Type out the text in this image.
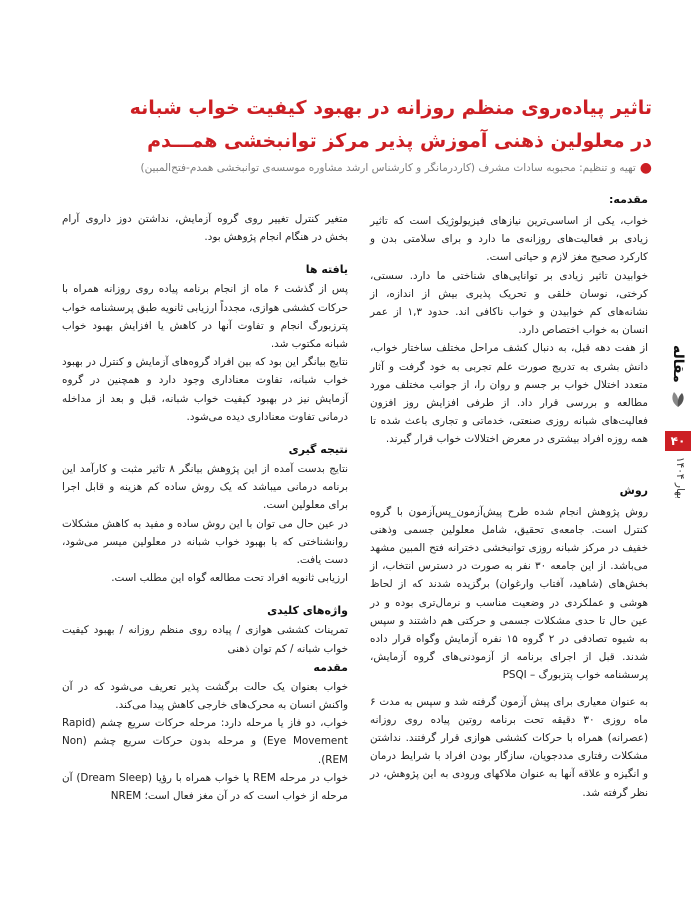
تاثیر پیاده‌روی منظم روزانه در بهبود کیفیت خواب شبانه
در معلولین ذهنی آموزش پذیر مرکز توانبخشی همـــدم
●تهیه و تنظیم: محبوبه سادات مشرف (کاردرمانگر و کارشناس ارشد مشاوره موسسه‌ی توانبخشی همدم-فتح‌المبین)
مقدمه:

خواب، یکی از اساسی‌ترین نیازهای فیزیولوژیک است که تاثیر زیادی بر فعالیت‌های روزانه‌ی ما دارد و برای سلامتی بدن و کارکرد صحیح مغز لازم و حیاتی است.

خوابیدن تاثیر زیادی بر توانایی‌های شناختی ما دارد. سستی، کرختی، نوسان خلقی و تحریک پذیری بیش از اندازه، از نشانه‌های کم خوابیدن و خواب ناکافی اند. حدود ۱,۳ از عمر انسان به خواب اختصاص دارد.

از هفت دهه قبل، به دنبال کشف مراحل مختلف ساختار خواب، دانش بشری به تدریج صورت علم تجربی به خود گرفت و آثار متعدد اختلال خواب بر جسم و روان را، از جوانب مختلف مورد مطالعه و بررسی قرار داد. از طرفی افزایش روز افزون فعالیت‌های شبانه روزی صنعتی، خدماتی و تجاری باعث شده تا همه روزه افراد بیشتری در معرض اختلالات خواب قرار گیرند.

روش

روش پژوهش انجام شده طرح پیش‌آزمون_پس‌آزمون با گروه کنترل است. جامعه‌ی تحقیق، شامل معلولین جسمی وذهنی خفیف در مرکز شبانه روزی توانبخشی دخترانه فتح المبین مشهد می‌باشد. از این جامعه ۳۰ نفر به صورت در دسترس انتخاب، از بخش‌های (شاهید، آفتاب وارغوان) برگزیده شدند که از لحاظ هوشی و عملکردی در وضعیت مناسب و نرمال‌تری بوده و در عین حال تا حدی مشکلات جسمی و حرکتی هم داشتند و سپس به شیوه تصادفی در ۲ گروه ۱۵ نفره آزمایش وگواه قرار داده شدند. قبل از اجرای برنامه از آزمودنی‌های گروه آزمایش، پرسشنامه خواب پتزبورگ – PSQI

به عنوان معیاری برای پیش آزمون گرفته شد و سپس به مدت ۶ ماه روزی ۳۰ دقیقه تحت برنامه روتین پیاده روی روزانه (عصرانه) همراه با حرکات کششی هوازی قرار گرفتند. نداشتن مشکلات رفتاری مددجویان، سازگار بودن افراد با شرایط درمان و انگیزه و علاقه آنها به عنوان ملاکهای ورودی به این پژوهش، در نظر گرفته شد.

متغیر کنترل تغییر روی گروه آزمایش، نداشتن دوز داروی آرام بخش در هنگام انجام پژوهش بود.

یافته ها

پس از گذشت ۶ ماه از انجام برنامه پیاده روی روزانه همراه با حرکات کششی هوازی، مجدداً ارزیابی ثانویه طبق پرسشنامه خواب پترزبورگ انجام و تفاوت آنها در کاهش یا افزایش بهبود خواب شبانه مکتوب شد.

نتایج بیانگر این بود که بین افراد گروه‌های آزمایش و کنترل در بهبود خواب شبانه، تفاوت معناداری وجود دارد و همچنین در گروه آزمایش نیز در بهبود کیفیت خواب شبانه، قبل و بعد از مداخله درمانی تفاوت معناداری دیده می‌شود.

نتیجه گیری

نتایج بدست آمده از این پژوهش بیانگر ۸ تاثیر مثبت و کارآمد این برنامه درمانی میباشد که یک روش ساده کم هزینه و قابل اجرا برای معلولین است.

در عین حال می توان با این روش ساده و مفید به کاهش مشکلات روانشناختی که با بهبود خواب شبانه در معلولین میسر می‌شود، دست یافت.

ارزیابی ثانویه افراد تحت مطالعه گواه این مطلب است.

واژه‌های کلیدی

تمرینات کششی هوازی / پیاده روی منظم روزانه / بهبود کیفیت خواب شبانه / کم توان ذهنی

مقدمه

خواب بعنوان یک حالت برگشت پذیر تعریف می‌شود که در آن واکنش انسان به محرک‌های خارجی کاهش پیدا می‌کند.

خواب، دو فاز یا مرحله دارد: مرحله حرکات سریع چشم (Rapid Eye Movement) و مرحله بدون حرکات سریع چشم (Non REM).

خواب در مرحله REM یا خواب همراه با رؤیا (Dream Sleep) آن مرحله از خواب است که در آن مغز فعال است؛ NREM

مقاله
۴۰
بهار ۱۴۰۴
